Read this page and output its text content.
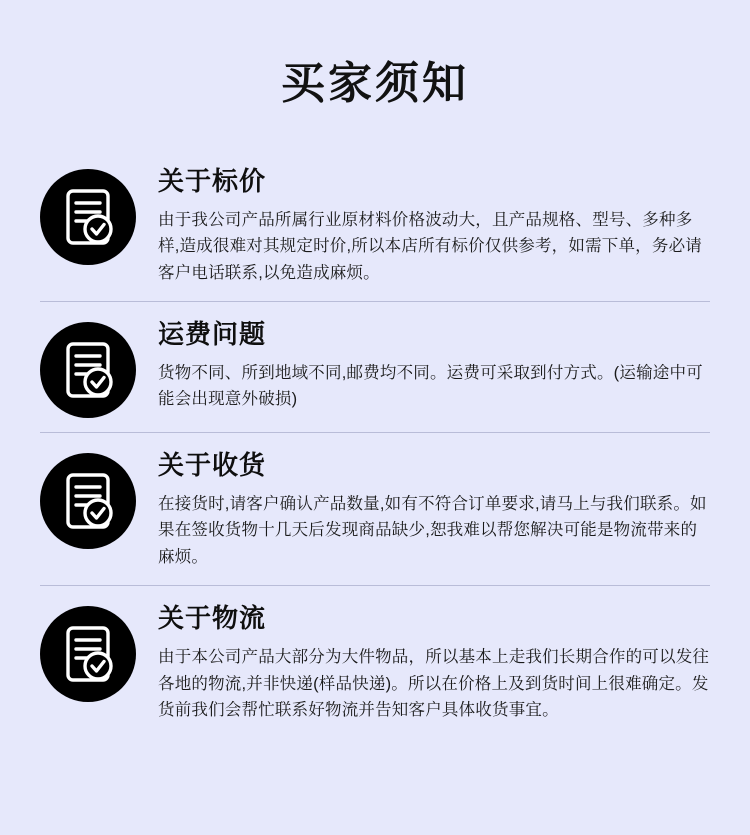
买家须知
关于标价

由于我公司产品所属行业原材料价格波动大，且产品规格、型号、多种多样,造成很难对其规定时价,所以本店所有标价仅供参考，如需下单，务必请客户电话联系,以免造成麻烦。

运费问题

货物不同、所到地域不同,邮费均不同。运费可采取到付方式。(运输途中可能会出现意外破损)

关于收货

在接货时,请客户确认产品数量,如有不符合订单要求,请马上与我们联系。如果在签收货物十几天后发现商品缺少,恕我难以帮您解决可能是物流带来的麻烦。

关于物流

由于本公司产品大部分为大件物品，所以基本上走我们长期合作的可以发往各地的物流,并非快递(样品快递)。所以在价格上及到货时间上很难确定。发货前我们会帮忙联系好物流并告知客户具体收货事宜。
